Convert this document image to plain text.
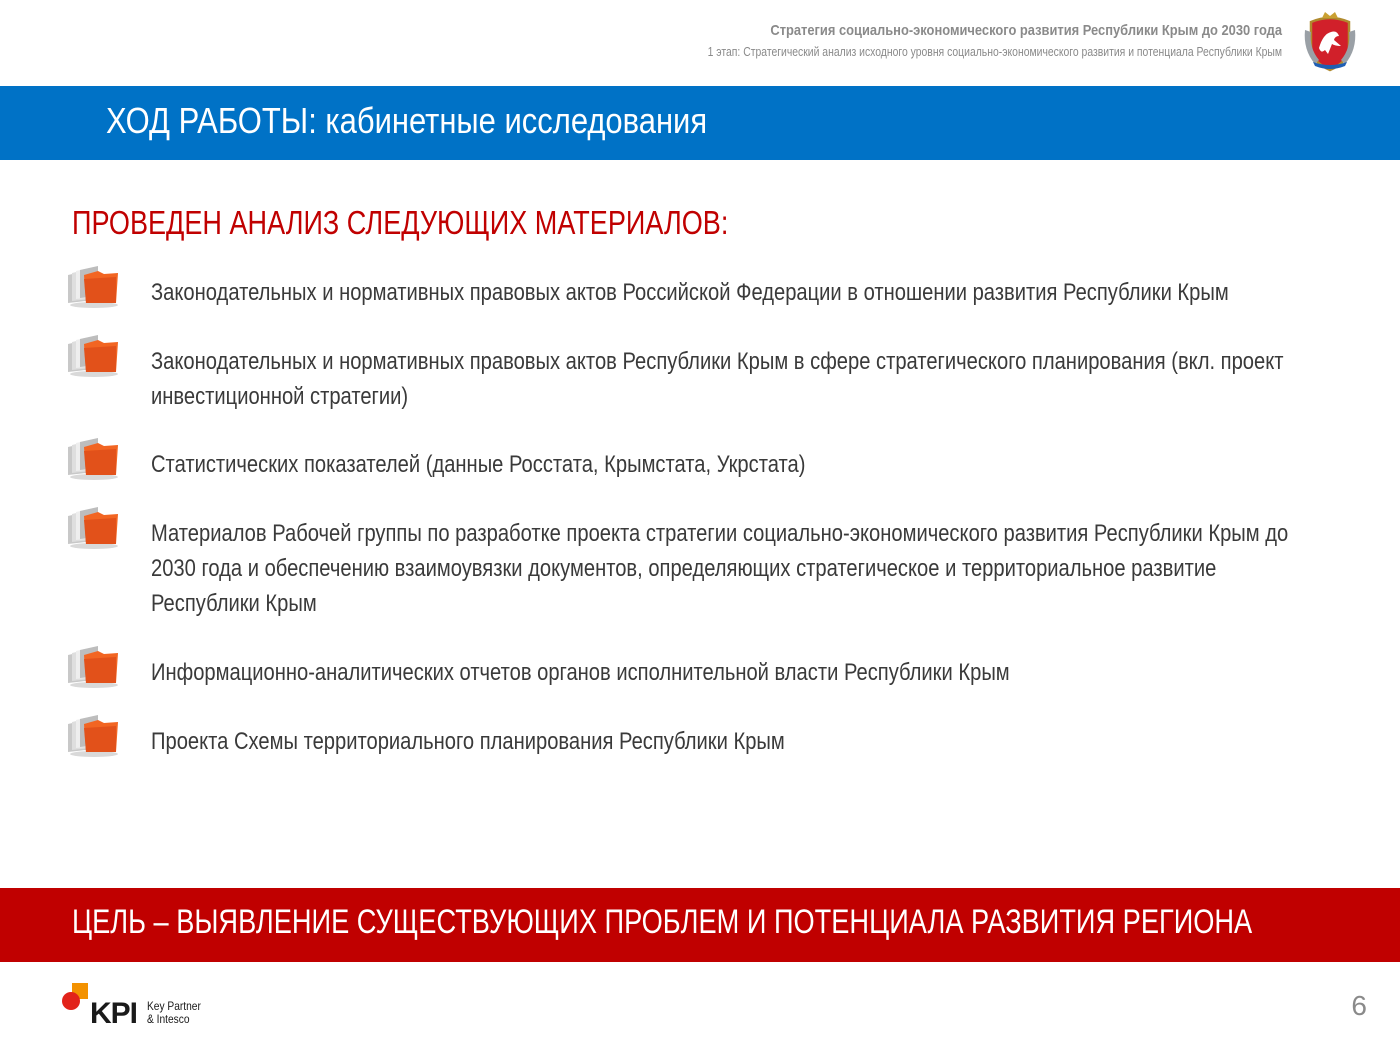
Стратегия социально-экономического развития Республики Крым до 2030 года
1 этап: Стратегический анализ исходного уровня социально-экономического развития и потенциала Республики Крым
ХОД РАБОТЫ: кабинетные исследования
ПРОВЕДЕН АНАЛИЗ СЛЕДУЮЩИХ МАТЕРИАЛОВ:

Законодательных и нормативных правовых актов Российской Федерации в отношении развития Республики Крым

Законодательных и нормативных правовых актов Республики Крым в сфере стратегического планирования (вкл. проект инвестиционной стратегии)

Статистических показателей (данные Росстата, Крымстата, Укрстата)

Материалов Рабочей группы по разработке проекта стратегии социально-экономического развития Республики Крым до 2030 года и обеспечению взаимоувязки документов, определяющих стратегическое и территориальное развитие Республики Крым

Информационно-аналитических отчетов органов исполнительной власти Республики Крым

Проекта Схемы территориального планирования Республики Крым

ЦЕЛЬ – ВЫЯВЛЕНИЕ СУЩЕСТВУЮЩИХ ПРОБЛЕМ И ПОТЕНЦИАЛА РАЗВИТИЯ РЕГИОНА

KPI Key Partner
& Intesco	6
